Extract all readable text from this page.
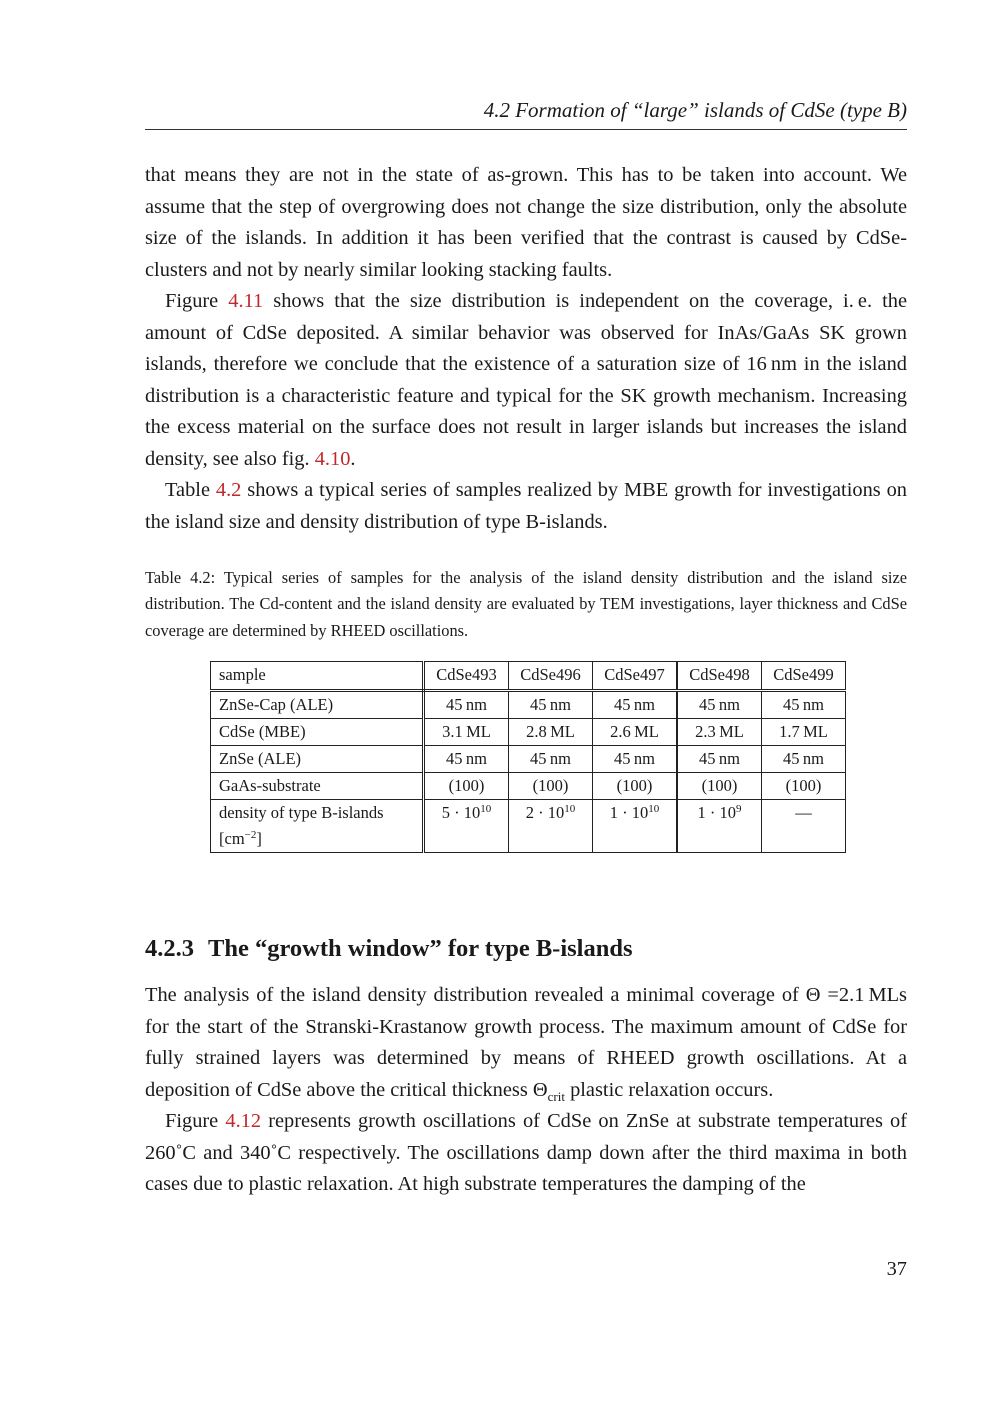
4.2 Formation of “large” islands of CdSe (type B)

that means they are not in the state of as-grown. This has to be taken into account. We assume that the step of overgrowing does not change the size distribution, only the absolute size of the islands. In addition it has been verified that the contrast is caused by CdSe-clusters and not by nearly similar looking stacking faults.

Figure 4.11 shows that the size distribution is independent on the coverage, i. e. the amount of CdSe deposited. A similar behavior was observed for InAs/GaAs SK grown islands, therefore we conclude that the existence of a saturation size of 16 nm in the island distribution is a characteristic feature and typical for the SK growth mechanism. Increasing the excess material on the surface does not result in larger islands but increases the island density, see also fig. 4.10.

Table 4.2 shows a typical series of samples realized by MBE growth for investigations on the island size and density distribution of type B-islands.

Table 4.2: Typical series of samples for the analysis of the island density distribution and the island size distribution. The Cd-content and the island density are evaluated by TEM investigations, layer thickness and CdSe coverage are determined by RHEED oscillations.
sample	CdSe493	CdSe496	CdSe497	CdSe498	CdSe499
ZnSe-Cap (ALE)	45 nm	45 nm	45 nm	45 nm	45 nm
CdSe (MBE)	3.1 ML	2.8 ML	2.6 ML	2.3 ML	1.7 ML
ZnSe (ALE)	45 nm	45 nm	45 nm	45 nm	45 nm
GaAs-substrate	(100)	(100)	(100)	(100)	(100)

density of type B-islands
$[cm^{-2}]$	$5 \cdot 10^{10}$	$2 \cdot 10^{10}$	$1 \cdot 10^{10}$	$1 \cdot 10^9$	—
4.2.3 The “growth window” for type B-islands

The analysis of the island density distribution revealed a minimal coverage of Θ =2.1 MLs for the start of the Stranski-Krastanow growth process. The maximum amount of CdSe for fully strained layers was determined by means of RHEED growth oscillations. At a deposition of CdSe above the critical thickness $\Theta_{crit}$ plastic relaxation occurs.

Figure 4.12 represents growth oscillations of CdSe on ZnSe at substrate temperatures of 260˚C and 340˚C respectively. The oscillations damp down after the third maxima in both cases due to plastic relaxation. At high substrate temperatures the damping of the

37
